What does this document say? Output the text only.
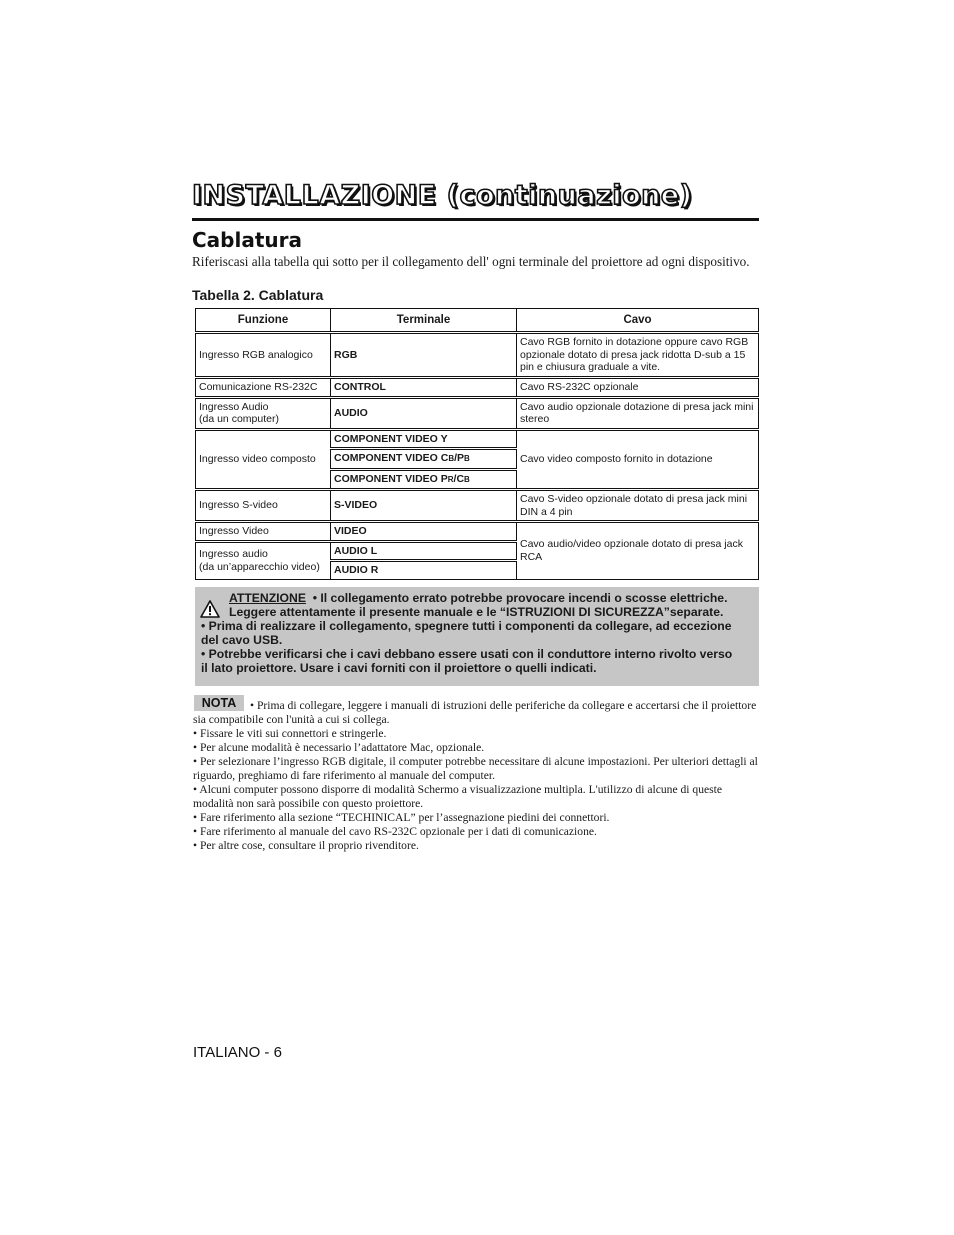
INSTALLAZIONE (continuazione)
Cablatura

Riferiscasi alla tabella qui sotto per il collegamento dell' ogni terminale del proiettore ad ogni dispositivo.

Tabella 2. Cablatura

Funzione	Terminale	Cavo
Ingresso RGB analogico	RGB	Cavo RGB fornito in dotazione oppure cavo RGB opzionale dotato di presa jack ridotta D-sub a 15 pin e chiusura graduale a vite.
Comunicazione RS-232C	CONTROL	Cavo RS-232C opzionale
Ingresso Audio
(da un computer)	AUDIO	Cavo audio opzionale dotazione di presa jack mini stereo
Ingresso video composto	COMPONENT VIDEO Y	Cavo video composto fornito in dotazione
	COMPONENT VIDEO CB/PB	
	COMPONENT VIDEO PR/CB	
Ingresso S-video	S-VIDEO	Cavo S-video opzionale dotato di presa jack mini DIN a 4 pin
Ingresso Video	VIDEO	Cavo audio/video opzionale dotato di presa jack RCA
Ingresso audio
(da un’apparecchio video)	AUDIO L	
	AUDIO R	
ATTENZIONE • Il collegamento errato potrebbe provocare incendi o scosse elettriche.
Leggere attentamente il presente manuale e le “ISTRUZIONI DI SICUREZZA”separate.
• Prima di realizzare il collegamento, spegnere tutti i componenti da collegare, ad eccezione
del cavo USB.
• Potrebbe verificarsi che i cavi debbano essere usati con il conduttore interno rivolto verso
il lato proiettore. Usare i cavi forniti con il proiettore o quelli indicati.
NOTA	• Prima di collegare, leggere i manuali di istruzioni delle periferiche da collegare e accertarsi che il proiettore sia compatibile con l'unità a cui si collega.

• Fissare le viti sui connettori e stringerle.

• Per alcune modalità è necessario l’adattatore Mac, opzionale.

• Per selezionare l’ingresso RGB digitale, il computer potrebbe necessitare di alcune impostazioni. Per ulteriori dettagli al riguardo, preghiamo di fare riferimento al manuale del computer.

• Alcuni computer possono disporre di modalità Schermo a visualizzazione multipla. L'utilizzo di alcune di queste modalità non sarà possibile con questo proiettore.

• Fare riferimento alla sezione “TECHINICAL” per l’assegnazione piedini dei connettori.

• Fare riferimento al manuale del cavo RS-232C opzionale per i dati di comunicazione.

• Per altre cose, consultare il proprio rivenditore.

ITALIANO - 6
